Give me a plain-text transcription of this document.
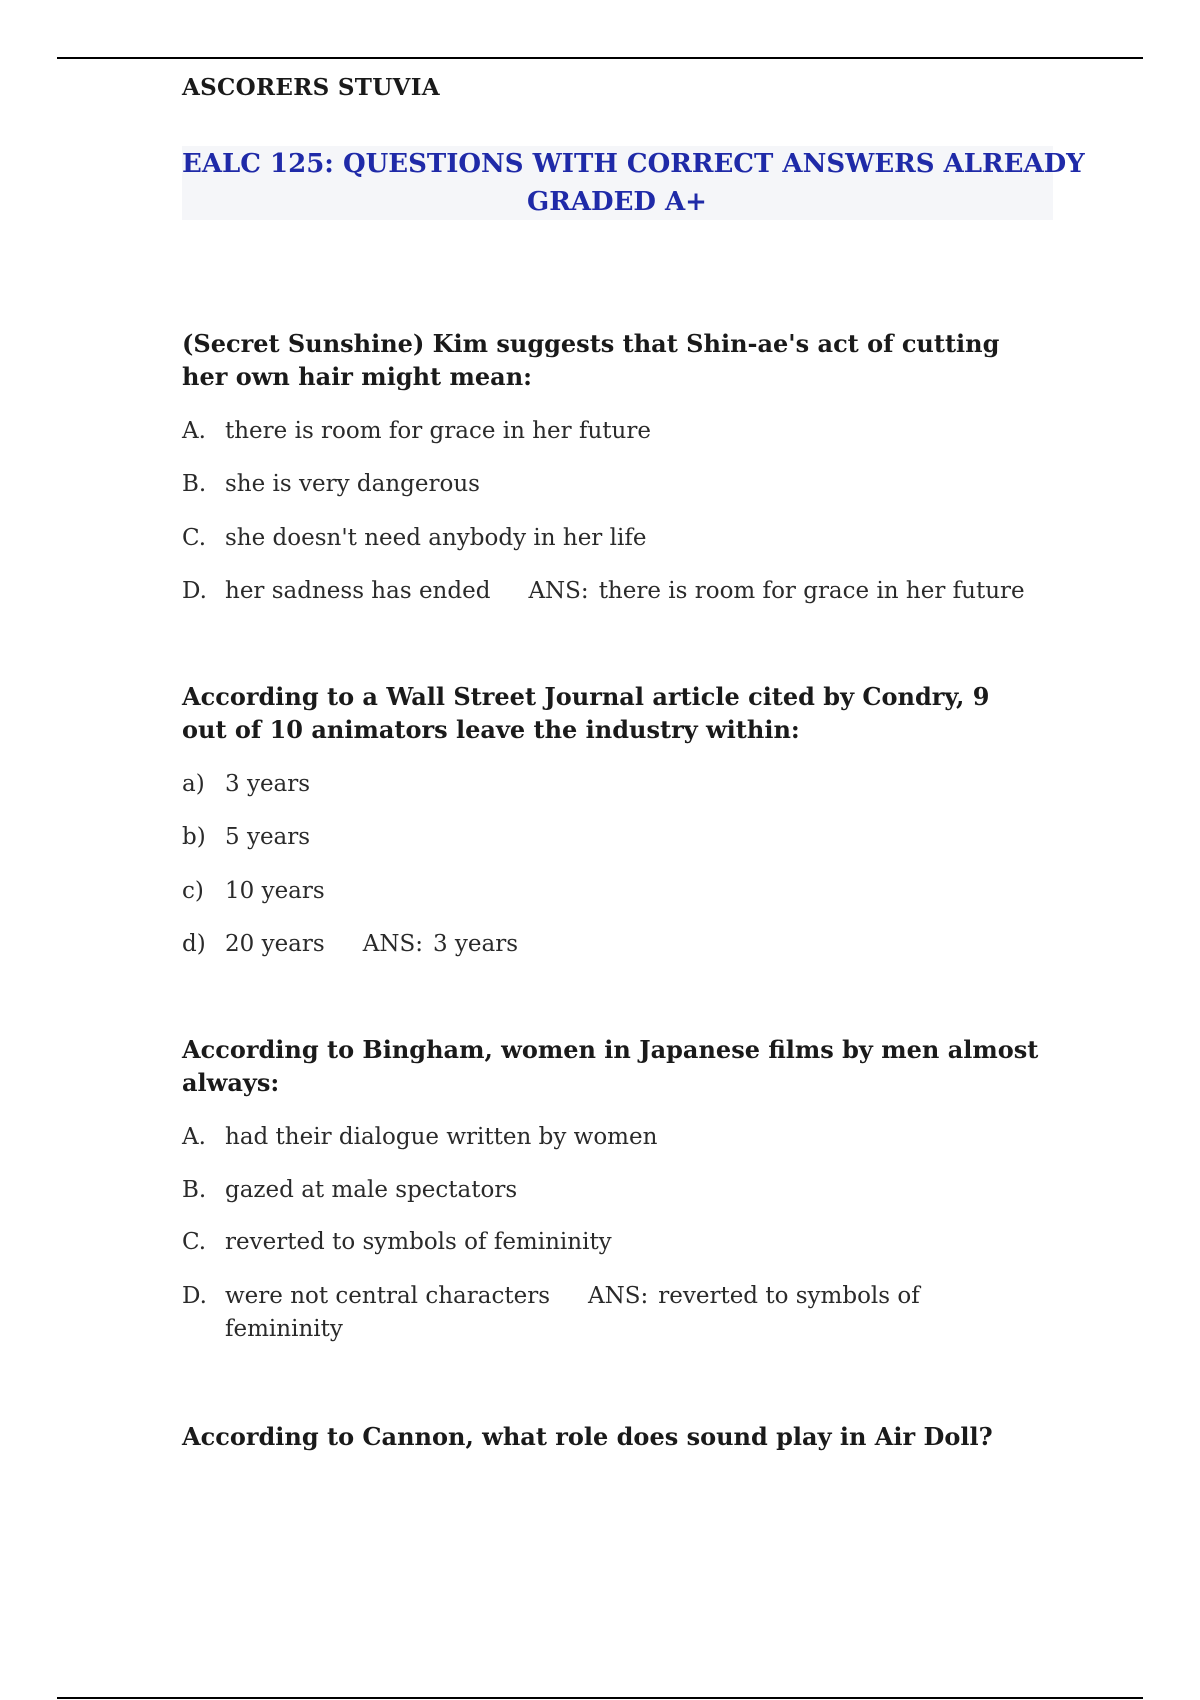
ASCORERS STUVIA
EALC 125: QUESTIONS WITH CORRECT ANSWERS ALREADY
GRADED A+
(Secret Sunshine) Kim suggests that Shin-ae's act of cutting her own hair might mean:
A. there is room for grace in her future
B. she is very dangerous
C. she doesn't need anybody in her life
D. her sadness has ended ANS: there is room for grace in her future
According to a Wall Street Journal article cited by Condry, 9 out of 10 animators leave the industry within:
a) 3 years
b) 5 years
c) 10 years
d) 20 years ANS: 3 years
According to Bingham, women in Japanese films by men almost always:
A. had their dialogue written by women
B. gazed at male spectators
C. reverted to symbols of femininity
D. were not central characters ANS: reverted to symbols of
femininity
According to Cannon, what role does sound play in Air Doll?
